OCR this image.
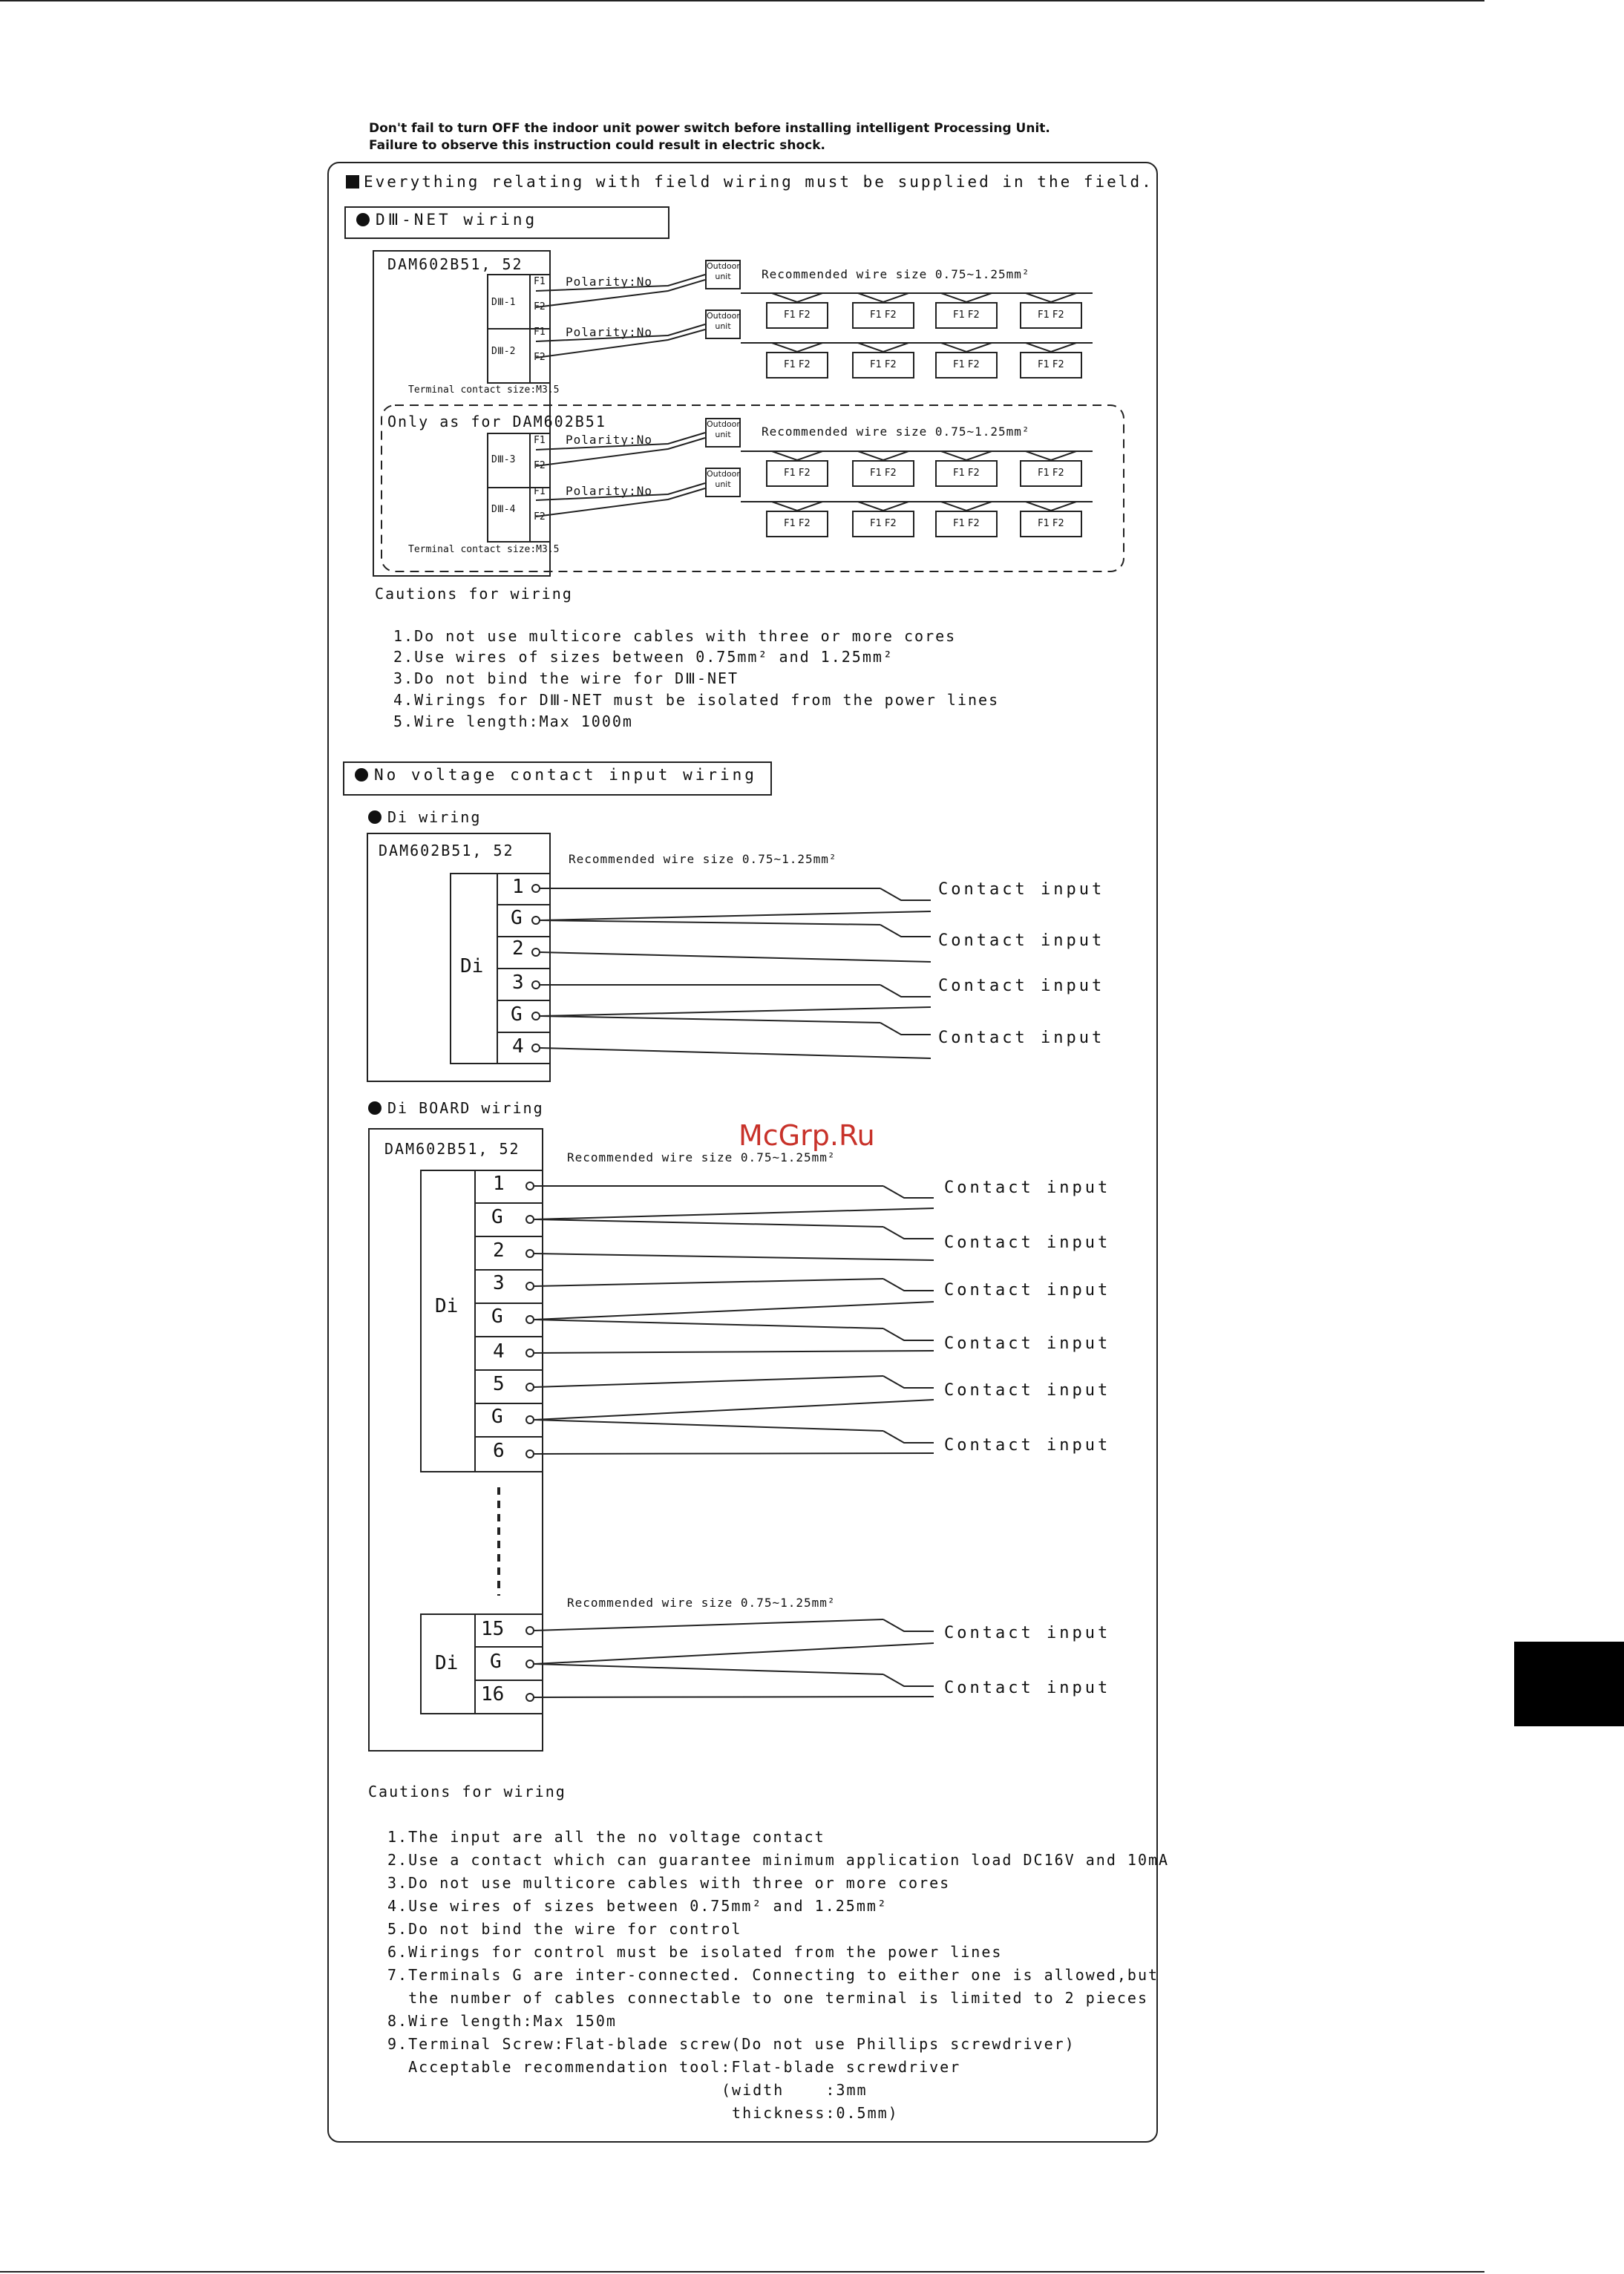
Don't fail to turn OFF the indoor unit power switch before installing intelligent Processing Unit.
Failure to observe this instruction could result in electric shock.
Everything relating with field wiring must be supplied in the field.
DⅢ-NET wiring
DAM602B51, 52
DⅢ-1
DⅢ-2
DⅢ-3
DⅢ-4
F1
F2
F1
F2
F1
F2
F1
F2
Polarity:No
Polarity:No
Polarity:No
Polarity:No
Outdoor unit
Outdoor unit
Outdoor unit
Outdoor unit
Recommended wire size 0.75~1.25mm²
Recommended wire size 0.75~1.25mm²
Terminal contact size:M3.5
Terminal contact size:M3.5
Only as for DAM602B51
F1 F2	F1 F2	F1 F2	F1 F2
F1 F2	F1 F2	F1 F2	F1 F2
F1 F2	F1 F2	F1 F2	F1 F2
F1 F2	F1 F2	F1 F2	F1 F2
Cautions for wiring
1.Do not use multicore cables with three or more cores
2.Use wires of sizes between 0.75mm² and 1.25mm²
3.Do not bind the wire for DⅢ-NET
4.Wirings for DⅢ-NET must be isolated from the power lines
5.Wire length:Max 1000m
No voltage contact input wiring
Di wiring
DAM602B51, 52
Di
Recommended wire size 0.75~1.25mm²
1
G
2
3
G
4
Contact input
Contact input
Contact input
Contact input
Di BOARD wiring
DAM602B51, 52
Di
Di
Recommended wire size 0.75~1.25mm²
Recommended wire size 0.75~1.25mm²
1
G
2
3
G
4
5
G
6
15
G
16
Contact input
Contact input
Contact input
Contact input
Contact input
Contact input
Contact input
Contact input
McGrp.Ru
Cautions for wiring
1.The input are all the no voltage contact
2.Use a contact which can guarantee minimum application load DC16V and 10mA
3.Do not use multicore cables with three or more cores
4.Use wires of sizes between 0.75mm² and 1.25mm²
5.Do not bind the wire for control
6.Wirings for control must be isolated from the power lines
7.Terminals G are inter-connected. Connecting to either one is allowed,but
the number of cables connectable to one terminal is limited to 2 pieces
8.Wire length:Max 150m
9.Terminal Screw:Flat-blade screw(Do not use Phillips screwdriver)
Acceptable recommendation tool:Flat-blade screwdriver
(width    :3mm
thickness:0.5mm)
